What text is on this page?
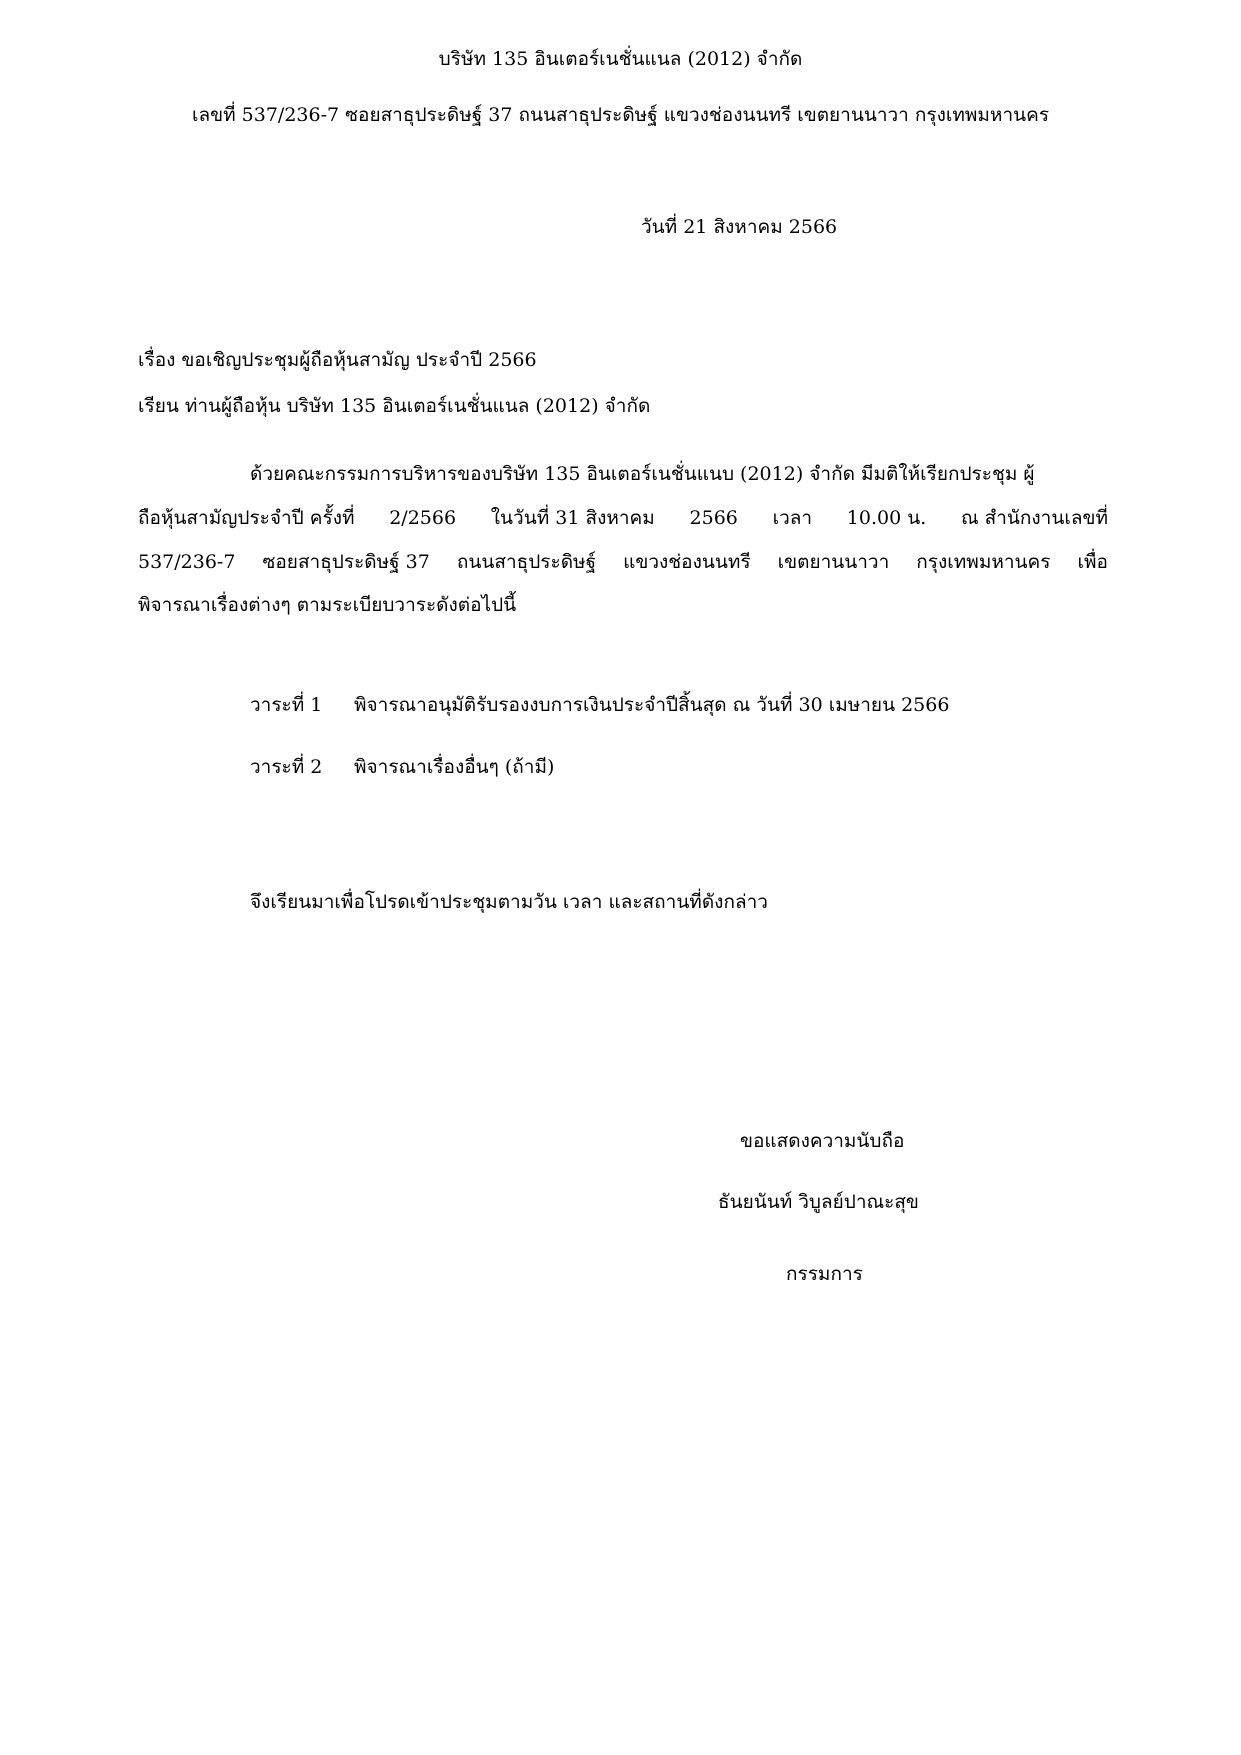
บริษัท 135 อินเตอร์เนชั่นแนล (2012) จำกัด
เลขที่ 537/236-7 ซอยสาธุประดิษฐ์ 37 ถนนสาธุประดิษฐ์ แขวงช่องนนทรี เขตยานนาวา กรุงเทพมหานคร
วันที่ 21 สิงหาคม 2566
เรื่อง ขอเชิญประชุมผู้ถือหุ้นสามัญ ประจำปี 2566
เรียน ท่านผู้ถือหุ้น บริษัท 135 อินเตอร์เนชั่นแนล (2012) จำกัด
ด้วยคณะกรรมการบริหารของบริษัท 135 อินเตอร์เนชั่นแนบ (2012) จำกัด มีมติให้เรียกประชุม ผู้
ถือหุ้นสามัญประจำปี ครั้งที่ 2/2566 ในวันที่ 31 สิงหาคม 2566 เวลา 10.00 น. ณ สำนักงานเลขที่
537/236-7 ซอยสาธุประดิษฐ์ 37 ถนนสาธุประดิษฐ์ แขวงช่องนนทรี เขตยานนาวา กรุงเทพมหานคร เพื่อ
พิจารณาเรื่องต่างๆ ตามระเบียบวาระดังต่อไปนี้
วาระที่ 1 พิจารณาอนุมัติรับรองงบการเงินประจำปีสิ้นสุด ณ วันที่ 30 เมษายน 2566
วาระที่ 2 พิจารณาเรื่องอื่นๆ (ถ้ามี)
จึงเรียนมาเพื่อโปรดเข้าประชุมตามวัน เวลา และสถานที่ดังกล่าว
ขอแสดงความนับถือ
ธันยนันท์ วิบูลย์ปาณะสุข
กรรมการ
